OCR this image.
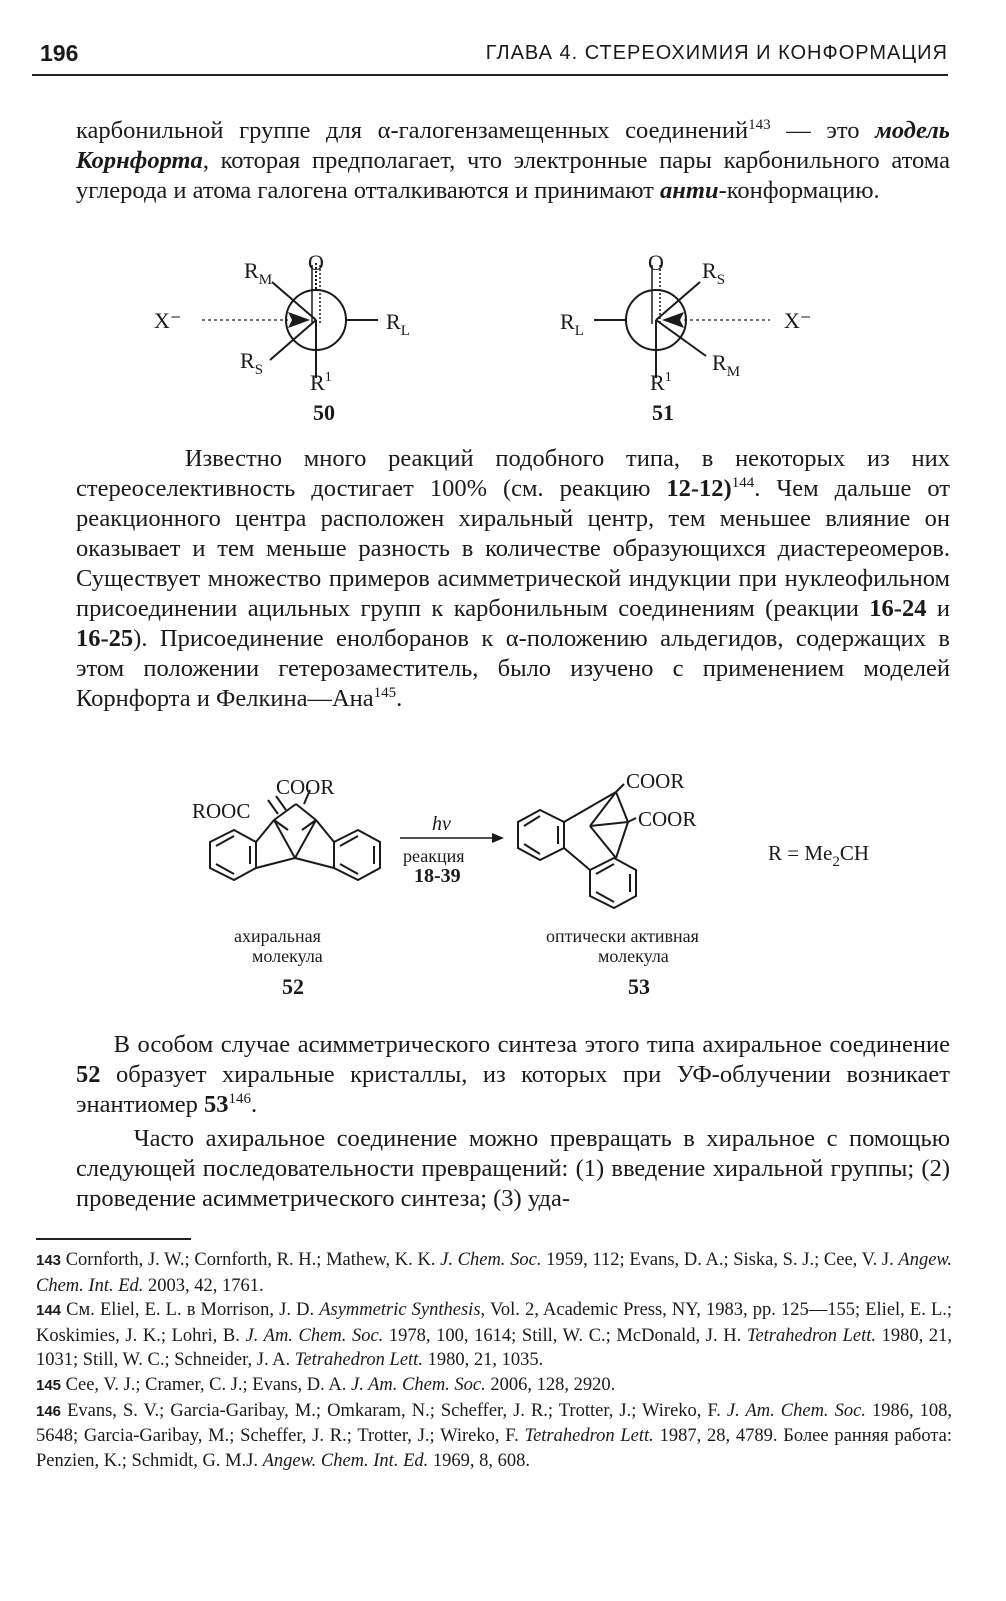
196	ГЛАВА 4. СТЕРЕОХИМИЯ И КОНФОРМАЦИЯ

карбонильной группе для α-галогензамещенных соединений$^{143}$ — это модель Корнфорта, которая предполагает, что электронные пары карбонильного атома углерода и атома галогена отталкиваются и принимают анти-конформацию.

X⁻
O
$R_M$
$R_L$
$R_S$ $R^1$
50
O $R_S$
$R_L$
$R_M$
$R^1$
X⁻
51

Известно много реакций подобного типа, в некоторых из них стереоселективность достигает 100% (см. реакцию 12-12)$^{144}$. Чем дальше от реакционного центра расположен хиральный центр, тем меньшее влияние он оказывает и тем меньше разность в количестве образующихся диастереомеров. Существует множество примеров асимметрической индукции при нуклеофильном присоединении ацильных групп к карбонильным соединениям (реакции 16-24 и 16-25). Присоединение енолборанов к α-положению альдегидов, содержащих в этом положении гетерозаместитель, было изучено с применением моделей Корнфорта и Фелкина—Ана$^{145}$.

COOR
ROOC
ахиральная
молекула
52
hν
реакция
18-39
COOR
COOR
оптически активная
молекула
53
$R = Me_2CH$

В особом случае асимметрического синтеза этого типа ахиральное соединение 52 образует хиральные кристаллы, из которых при УФ-облучении возникает энантиомер $53^{146}$.

Часто ахиральное соединение можно превращать в хиральное с помощью следующей последовательности превращений: (1) введение хиральной группы; (2) проведение асимметрического синтеза; (3) уда-

143 Cornforth, J. W.; Cornforth, R. H.; Mathew, K. K. J. Chem. Soc. 1959, 112; Evans, D. A.; Siska, S. J.; Cee, V. J. Angew. Chem. Int. Ed. 2003, 42, 1761.
144 См. Eliel, E. L. в Morrison, J. D. Asymmetric Synthesis, Vol. 2, Academic Press, NY, 1983, pp. 125—155; Eliel, E. L.; Koskimies, J. K.; Lohri, B. J. Am. Chem. Soc. 1978, 100, 1614; Still, W. C.; McDonald, J. H. Tetrahedron Lett. 1980, 21, 1031; Still, W. C.; Schneider, J. A. Tetrahedron Lett. 1980, 21, 1035.
145 Cee, V. J.; Cramer, C. J.; Evans, D. A. J. Am. Chem. Soc. 2006, 128, 2920.
146 Evans, S. V.; Garcia-Garibay, M.; Omkaram, N.; Scheffer, J. R.; Trotter, J.; Wireko, F. J. Am. Chem. Soc. 1986, 108, 5648; Garcia-Garibay, M.; Scheffer, J. R.; Trotter, J.; Wireko, F. Tetrahedron Lett. 1987, 28, 4789. Более ранняя работа: Penzien, K.; Schmidt, G. M.J. Angew. Chem. Int. Ed. 1969, 8, 608.
